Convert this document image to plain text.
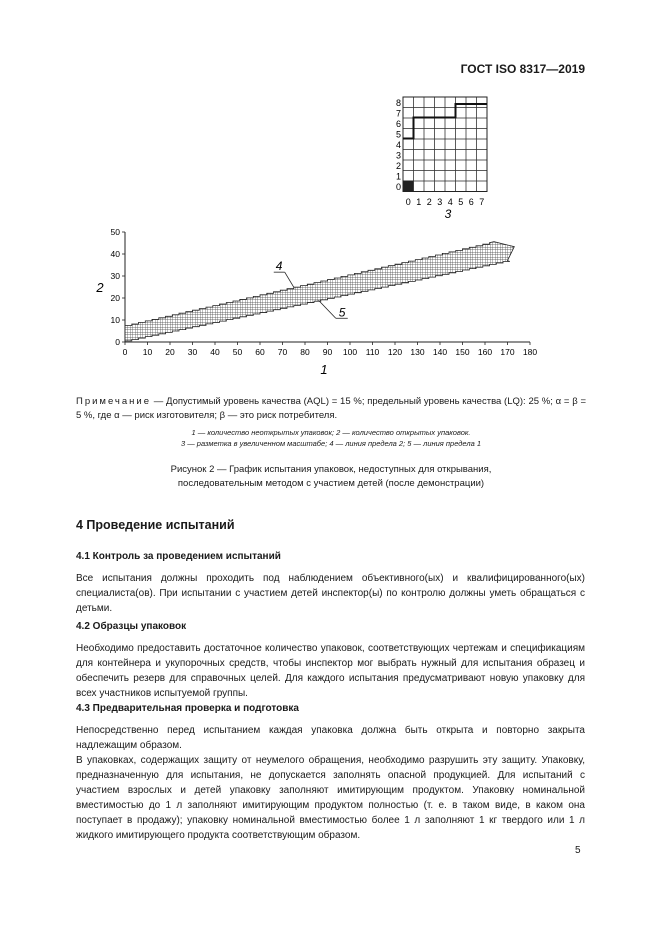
ГОСТ ISO 8317—2019
0
1
2
3
4
5
6
7
8
0 1 2 3 4 5 6 7
3
0
10
20
30
40
50
0 10 20 30 40 50 60 70 80 90 100 110 120 130 140 150 160 170 180
4
5
2
1
Примечание — Допустимый уровень качества (AQL) = 15 %; предельный уровень качества (LQ): 25 %; α = β = 5 %, где α — риск изготовителя; β — это риск потребителя.
1 — количество неоткрытых упаковок; 2 — количество открытых упаковок.
3 — разметка в увеличенном масштабе; 4 — линия предела 2; 5 — линия предела 1
Рисунок 2 — График испытания упаковок, недоступных для открывания,
последовательным методом с участием детей (после демонстрации)
4 Проведение испытаний
4.1 Контроль за проведением испытаний

Все испытания должны проходить под наблюдением объективного(ых) и квалифицированного(ых) специалиста(ов). При испытании с участием детей инспектор(ы) по контролю должны уметь обращаться с детьми.

4.2 Образцы упаковок

Необходимо предоставить достаточное количество упаковок, соответствующих чертежам и спецификациям для контейнера и укупорочных средств, чтобы инспектор мог выбрать нужный для испытания образец и обеспечить резерв для справочных целей. Для каждого испытания предусматривают новую упаковку для всех участников испытуемой группы.

4.3 Предварительная проверка и подготовка

Непосредственно перед испытанием каждая упаковка должна быть открыта и повторно закрыта надлежащим образом.

В упаковках, содержащих защиту от неумелого обращения, необходимо разрушить эту защиту. Упаковку, предназначенную для испытания, не допускается заполнять опасной продукцией. Для испытаний с участием взрослых и детей упаковку заполняют имитирующим продуктом. Упаковку номинальной вместимостью до 1 л заполняют имитирующим продуктом полностью (т. е. в таком виде, в каком она поступает в продажу); упаковку номинальной вместимостью более 1 л заполняют 1 кг твердого или 1 л жидкого имитирующего продукта соответствующим образом.

5
